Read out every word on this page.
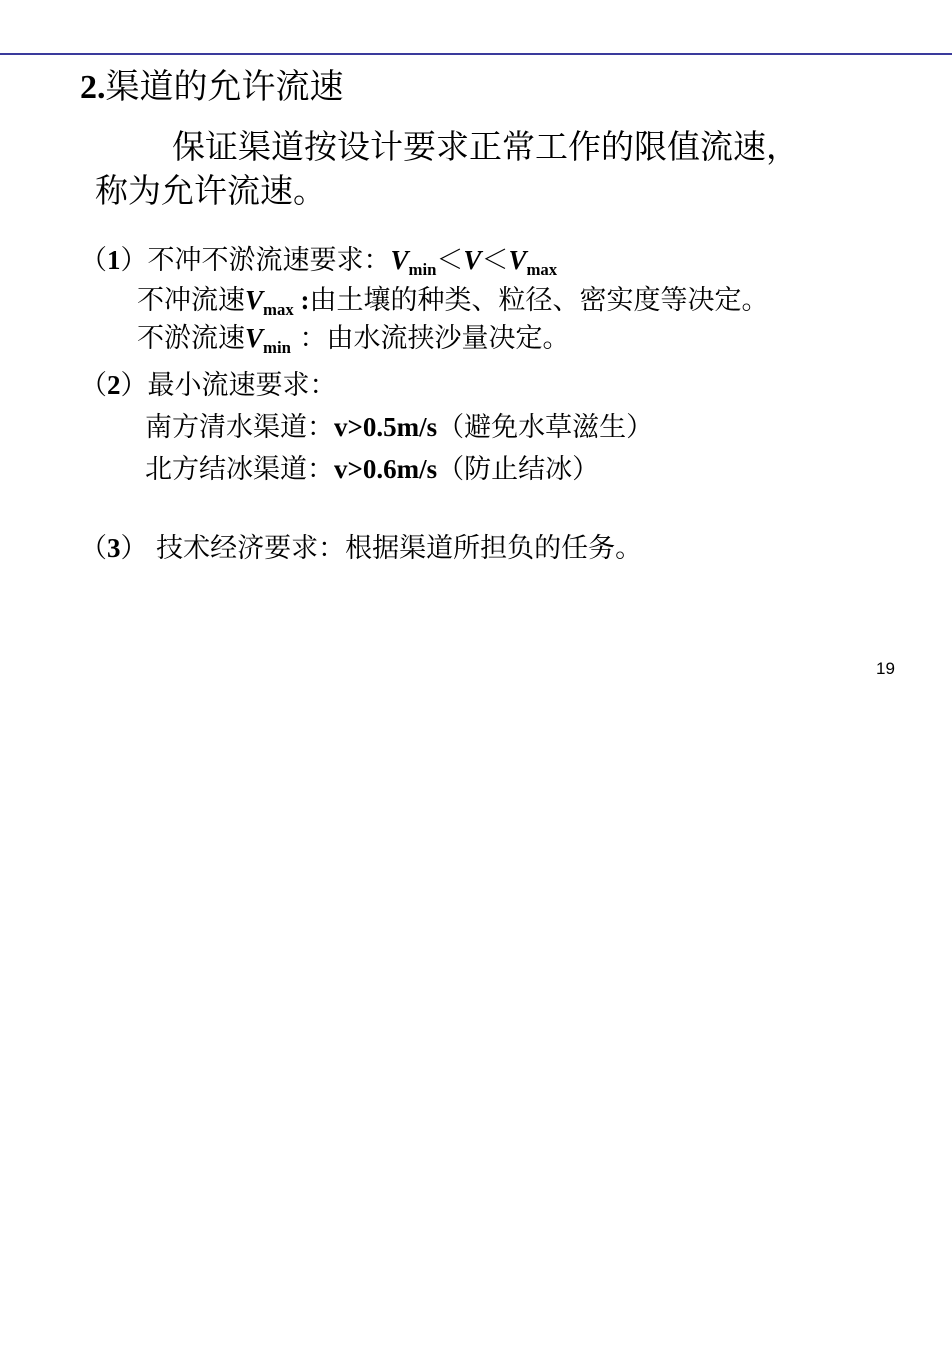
2.渠道的允许流速
保证渠道按设计要求正常工作的限值流速，
称为允许流速。
（1）不冲不淤流速要求：$V_{min}<V<V_{max}$
不冲流速$V_{max}$ :由土壤的种类、粒径、密实度等决定。
不淤流速$V_{min}$ ：由水流挟沙量决定。
（2）最小流速要求：
南方清水渠道：v>0.5m/s（避免水草滋生）
北方结冰渠道：v>0.6m/s（防止结冰）
（3） 技术经济要求：根据渠道所担负的任务。
19
